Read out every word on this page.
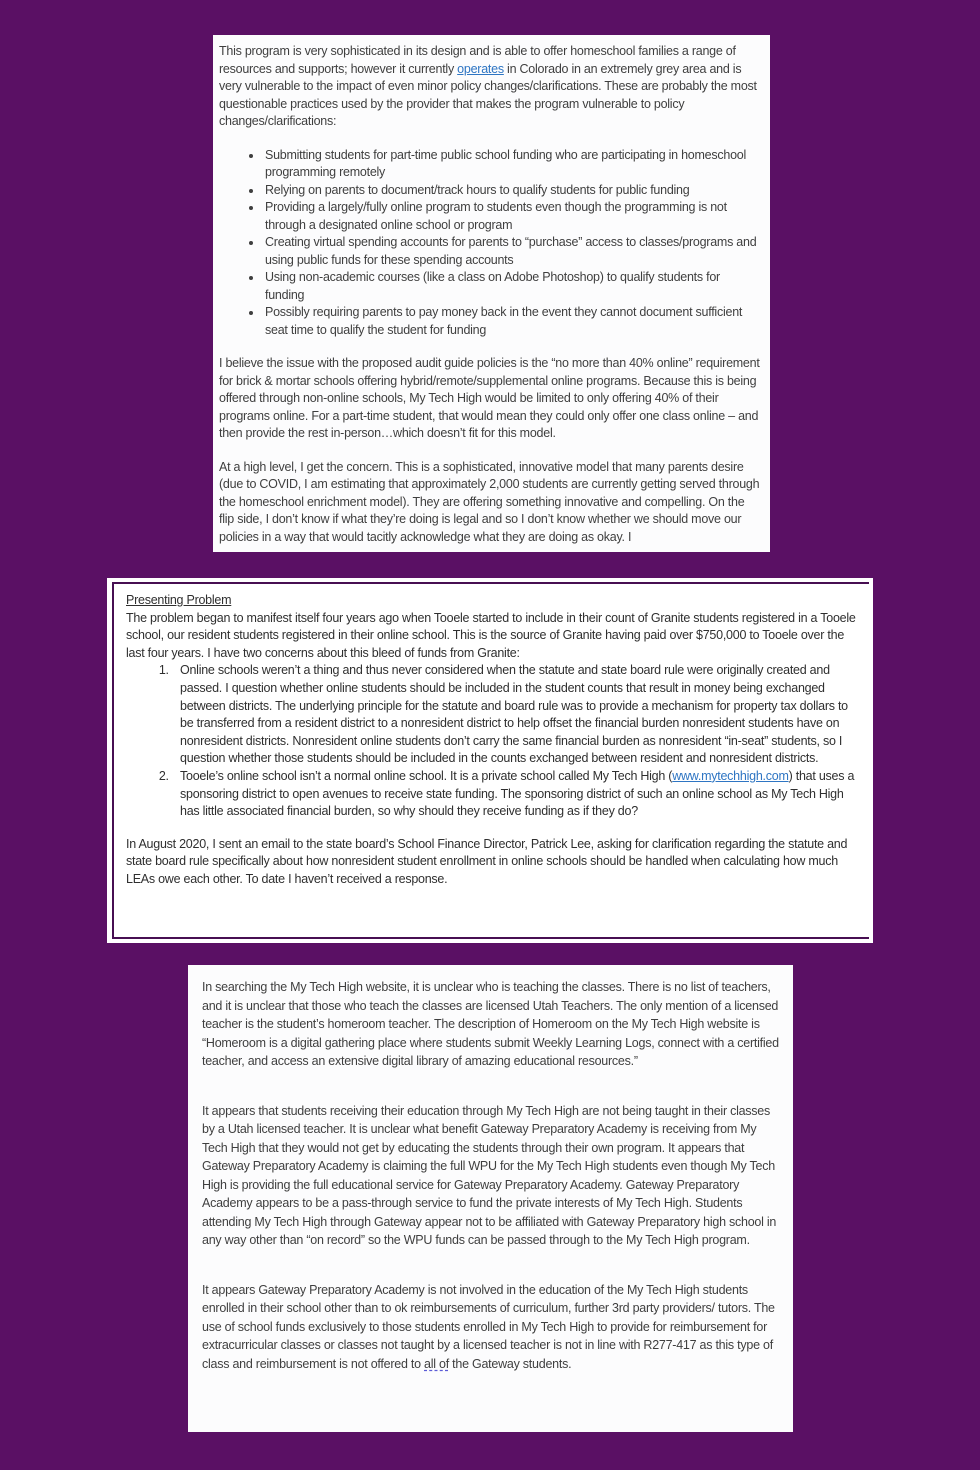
This program is very sophisticated in its design and is able to offer homeschool families a range of resources and supports; however it currently operates in Colorado in an extremely grey area and is very vulnerable to the impact of even minor policy changes/clarifications. These are probably the most questionable practices used by the provider that makes the program vulnerable to policy changes/clarifications:

• Submitting students for part-time public school funding who are participating in homeschool programming remotely
• Relying on parents to document/track hours to qualify students for public funding
• Providing a largely/fully online program to students even though the programming is not through a designated online school or program
• Creating virtual spending accounts for parents to “purchase” access to classes/programs and using public funds for these spending accounts
• Using non-academic courses (like a class on Adobe Photoshop) to qualify students for funding
• Possibly requiring parents to pay money back in the event they cannot document sufficient seat time to qualify the student for funding

I believe the issue with the proposed audit guide policies is the “no more than 40% online” requirement for brick & mortar schools offering hybrid/remote/supplemental online programs. Because this is being offered through non-online schools, My Tech High would be limited to only offering 40% of their programs online. For a part-time student, that would mean they could only offer one class online – and then provide the rest in-person…which doesn’t fit for this model.

At a high level, I get the concern. This is a sophisticated, innovative model that many parents desire (due to COVID, I am estimating that approximately 2,000 students are currently getting served through the homeschool enrichment model). They are offering something innovative and compelling. On the flip side, I don’t know if what they’re doing is legal and so I don’t know whether we should move our policies in a way that would tacitly acknowledge what they are doing as okay. I

Presenting Problem

The problem began to manifest itself four years ago when Tooele started to include in their count of Granite students registered in a Tooele school, our resident students registered in their online school. This is the source of Granite having paid over $750,000 to Tooele over the last four years. I have two concerns about this bleed of funds from Granite:

1. Online schools weren’t a thing and thus never considered when the statute and state board rule were originally created and passed. I question whether online students should be included in the student counts that result in money being exchanged between districts. The underlying principle for the statute and board rule was to provide a mechanism for property tax dollars to be transferred from a resident district to a nonresident district to help offset the financial burden nonresident students have on nonresident districts. Nonresident online students don’t carry the same financial burden as nonresident “in-seat” students, so I question whether those students should be included in the counts exchanged between resident and nonresident districts.
2. Tooele’s online school isn’t a normal online school. It is a private school called My Tech High (www.mytechhigh.com) that uses a sponsoring district to open avenues to receive state funding. The sponsoring district of such an online school as My Tech High has little associated financial burden, so why should they receive funding as if they do?

In August 2020, I sent an email to the state board’s School Finance Director, Patrick Lee, asking for clarification regarding the statute and state board rule specifically about how nonresident student enrollment in online schools should be handled when calculating how much LEAs owe each other. To date I haven’t received a response.

In searching the My Tech High website, it is unclear who is teaching the classes. There is no list of teachers, and it is unclear that those who teach the classes are licensed Utah Teachers. The only mention of a licensed teacher is the student’s homeroom teacher. The description of Homeroom on the My Tech High website is “Homeroom is a digital gathering place where students submit Weekly Learning Logs, connect with a certified teacher, and access an extensive digital library of amazing educational resources.”

It appears that students receiving their education through My Tech High are not being taught in their classes by a Utah licensed teacher. It is unclear what benefit Gateway Preparatory Academy is receiving from My Tech High that they would not get by educating the students through their own program. It appears that Gateway Preparatory Academy is claiming the full WPU for the My Tech High students even though My Tech High is providing the full educational service for Gateway Preparatory Academy. Gateway Preparatory Academy appears to be a pass-through service to fund the private interests of My Tech High. Students attending My Tech High through Gateway appear not to be affiliated with Gateway Preparatory high school in any way other than “on record” so the WPU funds can be passed through to the My Tech High program.

It appears Gateway Preparatory Academy is not involved in the education of the My Tech High students enrolled in their school other than to ok reimbursements of curriculum, further 3rd party providers/ tutors. The use of school funds exclusively to those students enrolled in My Tech High to provide for reimbursement for extracurricular classes or classes not taught by a licensed teacher is not in line with R277-417 as this type of class and reimbursement is not offered to all of the Gateway students.
